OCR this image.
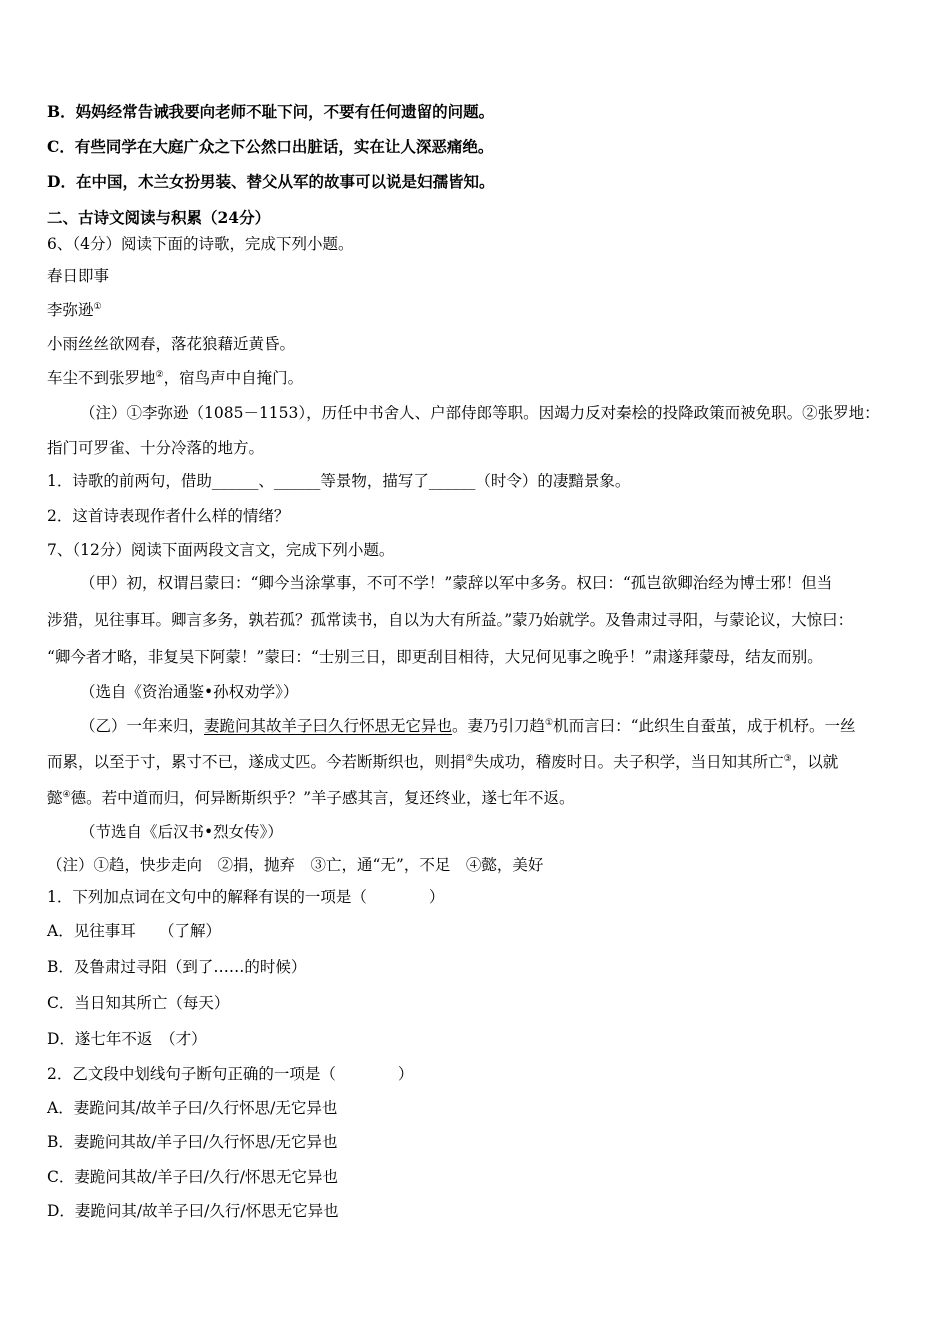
B．妈妈经常告诫我要向老师不耻下问，不要有任何遗留的问题。
C．有些同学在大庭广众之下公然口出脏话，实在让人深恶痛绝。
D．在中国，木兰女扮男装、替父从军的故事可以说是妇孺皆知。
二、古诗文阅读与积累（24分）
6、（4分）阅读下面的诗歌，完成下列小题。
春日即事
李弥逊①
小雨丝丝欲网春，落花狼藉近黄昏。
车尘不到张罗地②，宿鸟声中自掩门。
（注）①李弥逊（1085－1153），历任中书舍人、户部侍郎等职。因竭力反对秦桧的投降政策而被免职。②张罗地：
指门可罗雀、十分冷落的地方。
1．诗歌的前两句，借助______、______等景物，描写了______（时令）的凄黯景象。
2．这首诗表现作者什么样的情绪？
7、（12分）阅读下面两段文言文，完成下列小题。
（甲）初，权谓吕蒙曰：“卿今当涂掌事，不可不学！”蒙辞以军中多务。权曰：“孤岂欲卿治经为博士邪！但当
涉猎，见往事耳。卿言多务，孰若孤？孤常读书，自以为大有所益。”蒙乃始就学。及鲁肃过寻阳，与蒙论议，大惊曰：
“卿今者才略，非复吴下阿蒙！”蒙曰：“士别三日，即更刮目相待，大兄何见事之晚乎！”肃遂拜蒙母，结友而别。
（选自《资治通鉴•孙权劝学》）
（乙）一年来归，妻跪问其故羊子曰久行怀思无它异也。妻乃引刀趋①机而言曰：“此织生自蚕茧，成于机杼。一丝
而累，以至于寸，累寸不已，遂成丈匹。今若断斯织也，则捐②失成功，稽废时日。夫子积学，当日知其所亡③，以就
懿④德。若中道而归，何异断斯织乎？”羊子感其言，复还终业，遂七年不返。
（节选自《后汉书•烈女传》）
（注）①趋，快步走向　②捐，抛弃　③亡，通“无”，不足　④懿，美好
1．下列加点词在文句中的解释有误的一项是（　　　　）
A．见往事耳　　（了解）
B．及鲁肃过寻阳（到了……的时候）
C．当日知其所亡（每天）
D．遂七年不返　（才）
2．乙文段中划线句子断句正确的一项是（　　　　）
A．妻跪问其/故羊子曰/久行怀思/无它异也
B．妻跪问其故/羊子曰/久行怀思/无它异也
C．妻跪问其故/羊子曰/久行/怀思无它异也
D．妻跪问其/故羊子曰/久行/怀思无它异也
